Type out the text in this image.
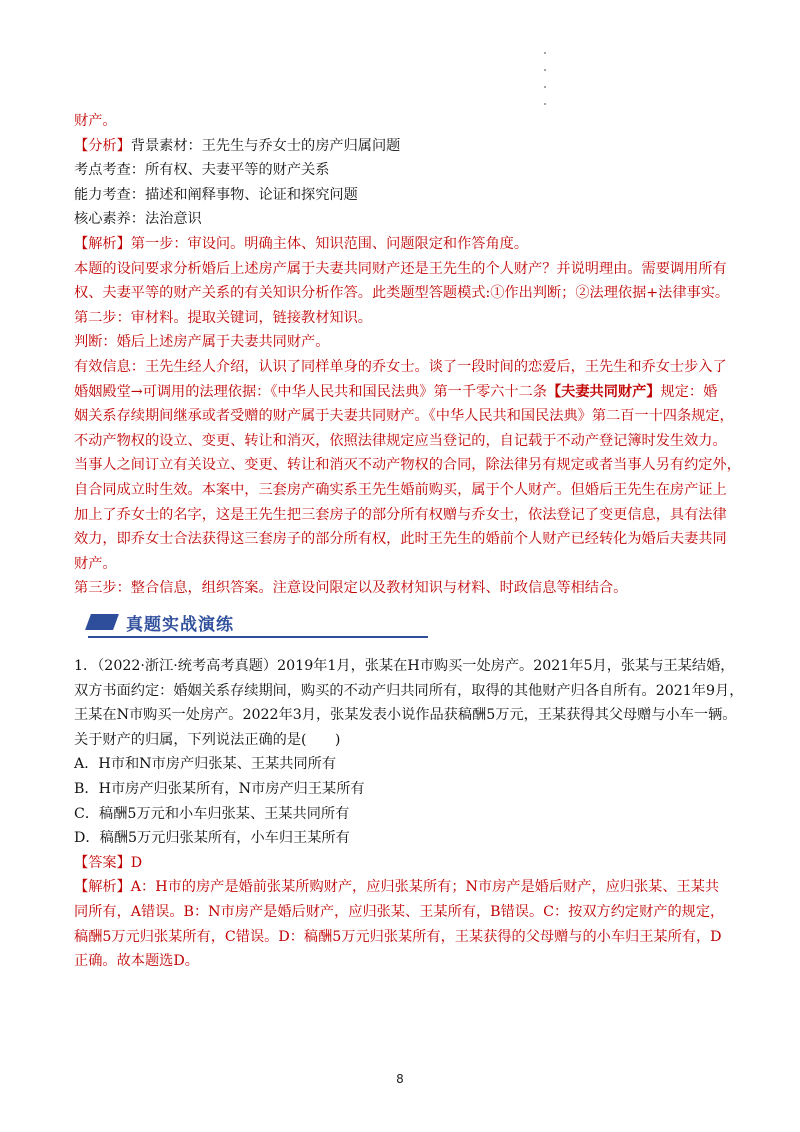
财产。
【分析】背景素材：王先生与乔女士的房产归属问题
考点考查：所有权、夫妻平等的财产关系
能力考查：描述和阐释事物、论证和探究问题
核心素养：法治意识
【解析】第一步：审设问。明确主体、知识范围、问题限定和作答角度。
本题的设问要求分析婚后上述房产属于夫妻共同财产还是王先生的个人财产？并说明理由。需要调用所有
权、夫妻平等的财产关系的有关知识分析作答。此类题型答题模式:①作出判断；②法理依据+法律事实。
第二步：审材料。提取关键词，链接教材知识。
判断：婚后上述房产属于夫妻共同财产。
有效信息：王先生经人介绍，认识了同样单身的乔女士。谈了一段时间的恋爱后，王先生和乔女士步入了
婚姻殿堂→可调用的法理依据：《中华人民共和国民法典》第一千零六十二条【夫妻共同财产】规定：婚
姻关系存续期间继承或者受赠的财产属于夫妻共同财产。《中华人民共和国民法典》第二百一十四条规定，
不动产物权的设立、变更、转让和消灭，依照法律规定应当登记的，自记载于不动产登记簿时发生效力。
当事人之间订立有关设立、变更、转让和消灭不动产物权的合同，除法律另有规定或者当事人另有约定外，
自合同成立时生效。本案中，三套房产确实系王先生婚前购买，属于个人财产。但婚后王先生在房产证上
加上了乔女士的名字，这是王先生把三套房子的部分所有权赠与乔女士，依法登记了变更信息，具有法律
效力，即乔女士合法获得这三套房子的部分所有权，此时王先生的婚前个人财产已经转化为婚后夫妻共同
财产。
第三步：整合信息，组织答案。注意设问限定以及教材知识与材料、时政信息等相结合。
真题实战演练
1．（2022·浙江·统考高考真题）2019年1月，张某在H市购买一处房产。2021年5月，张某与王某结婚，
双方书面约定：婚姻关系存续期间，购买的不动产归共同所有，取得的其他财产归各自所有。2021年9月，
王某在N市购买一处房产。2022年3月，张某发表小说作品获稿酬5万元，王某获得其父母赠与小车一辆。
关于财产的归属，下列说法正确的是(　　)
A．H市和N市房产归张某、王某共同所有
B．H市房产归张某所有，N市房产归王某所有
C．稿酬5万元和小车归张某、王某共同所有
D．稿酬5万元归张某所有，小车归王某所有
【答案】D
【解析】A：H市的房产是婚前张某所购财产，应归张某所有；N市房产是婚后财产，应归张某、王某共
同所有，A错误。B：N市房产是婚后财产，应归张某、王某所有，B错误。C：按双方约定财产的规定，
稿酬5万元归张某所有，C错误。D：稿酬5万元归张某所有，王某获得的父母赠与的小车归王某所有，D
正确。故本题选D。
8
